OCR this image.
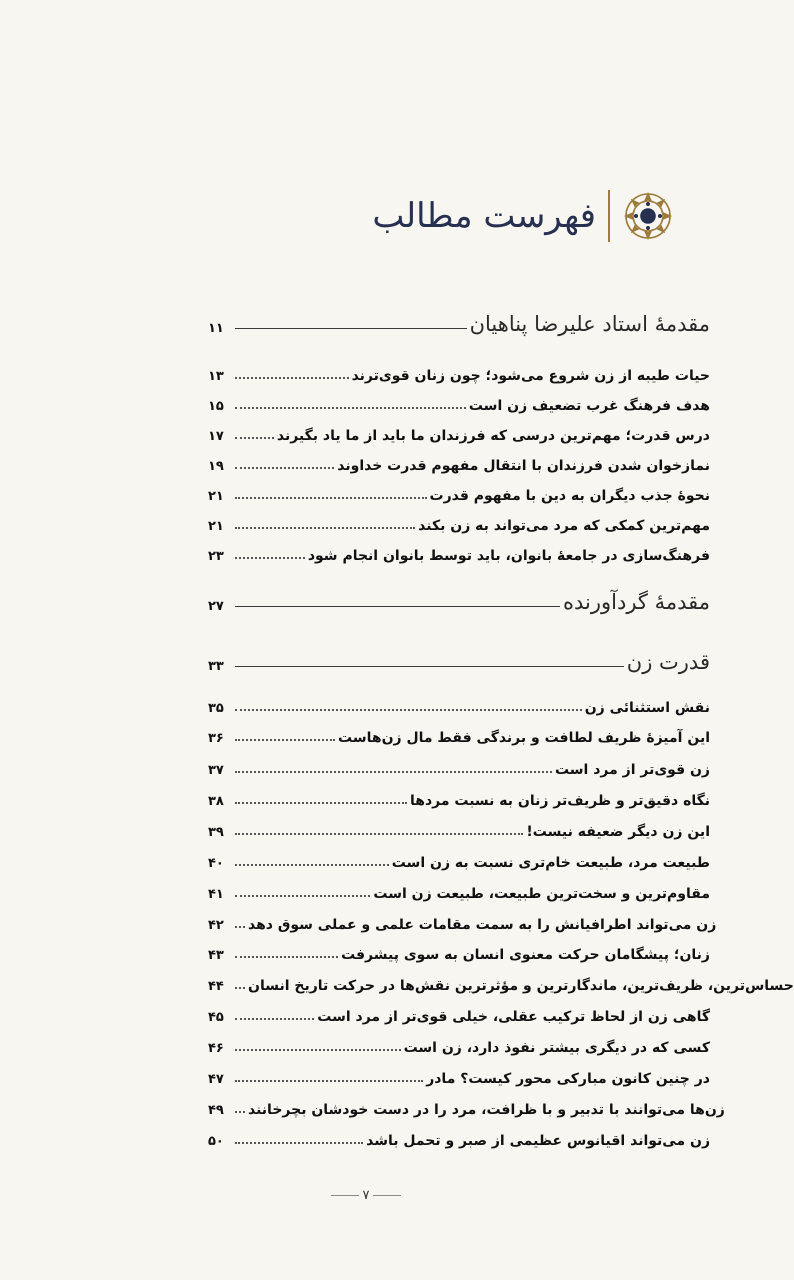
فهرست مطالب
۱۱	مقدمهٔ استاد علیرضا پناهیان
۱۳	حیات طیبه از زن شروع می‌شود؛ چون زنان قوی‌ترند
۱۵	هدف فرهنگ غرب تضعیف زن است
۱۷	درس قدرت؛ مهم‌ترین درسی که فرزندان ما باید از ما یاد بگیرند
۱۹	نمازخوان شدن فرزندان با انتقال مفهوم قدرت خداوند
۲۱	نحوهٔ جذب دیگران به دین با مفهوم قدرت
۲۱	مهم‌ترین کمکی که مرد می‌تواند به زن بکند
۲۳	فرهنگ‌سازی در جامعهٔ بانوان، باید توسط بانوان انجام شود
۲۷	مقدمهٔ گردآورنده
۳۳	قدرت زن
۳۵	نقش استثنائی زن
۳۶	این آمیزهٔ ظریف لطافت و برندگی فقط مال زن‌هاست
۳۷	زن قوی‌تر از مرد است
۳۸	نگاه دقیق‌تر و ظریف‌تر زنان به نسبت مردها
۳۹	این زن دیگر ضعیفه نیست!
۴۰	طبیعت مرد، طبیعت خام‌تری نسبت به زن است
۴۱	مقاوم‌ترین و سخت‌ترین طبیعت، طبیعت زن است
۴۲	زن می‌تواند اطرافیانش را به سمت مقامات علمی و عملی سوق دهد
۴۳	زنان؛ پیشگامان حرکت معنوی انسان به سوی پیشرفت
۴۴	حساس‌ترین، ظریف‌ترین، ماندگارترین و مؤثرترین نقش‌ها در حرکت تاریخ انسان
۴۵	گاهی زن از لحاظ ترکیب عقلی، خیلی قوی‌تر از مرد است
۴۶	کسی که در دیگری بیشتر نفوذ دارد، زن است
۴۷	در چنین کانون مبارکی محور کیست؟ مادر
۴۹	زن‌ها می‌توانند با تدبیر و با ظرافت، مرد را در دست خودشان بچرخانند
۵۰	زن می‌تواند اقیانوس عظیمی از صبر و تحمل باشد
۷
